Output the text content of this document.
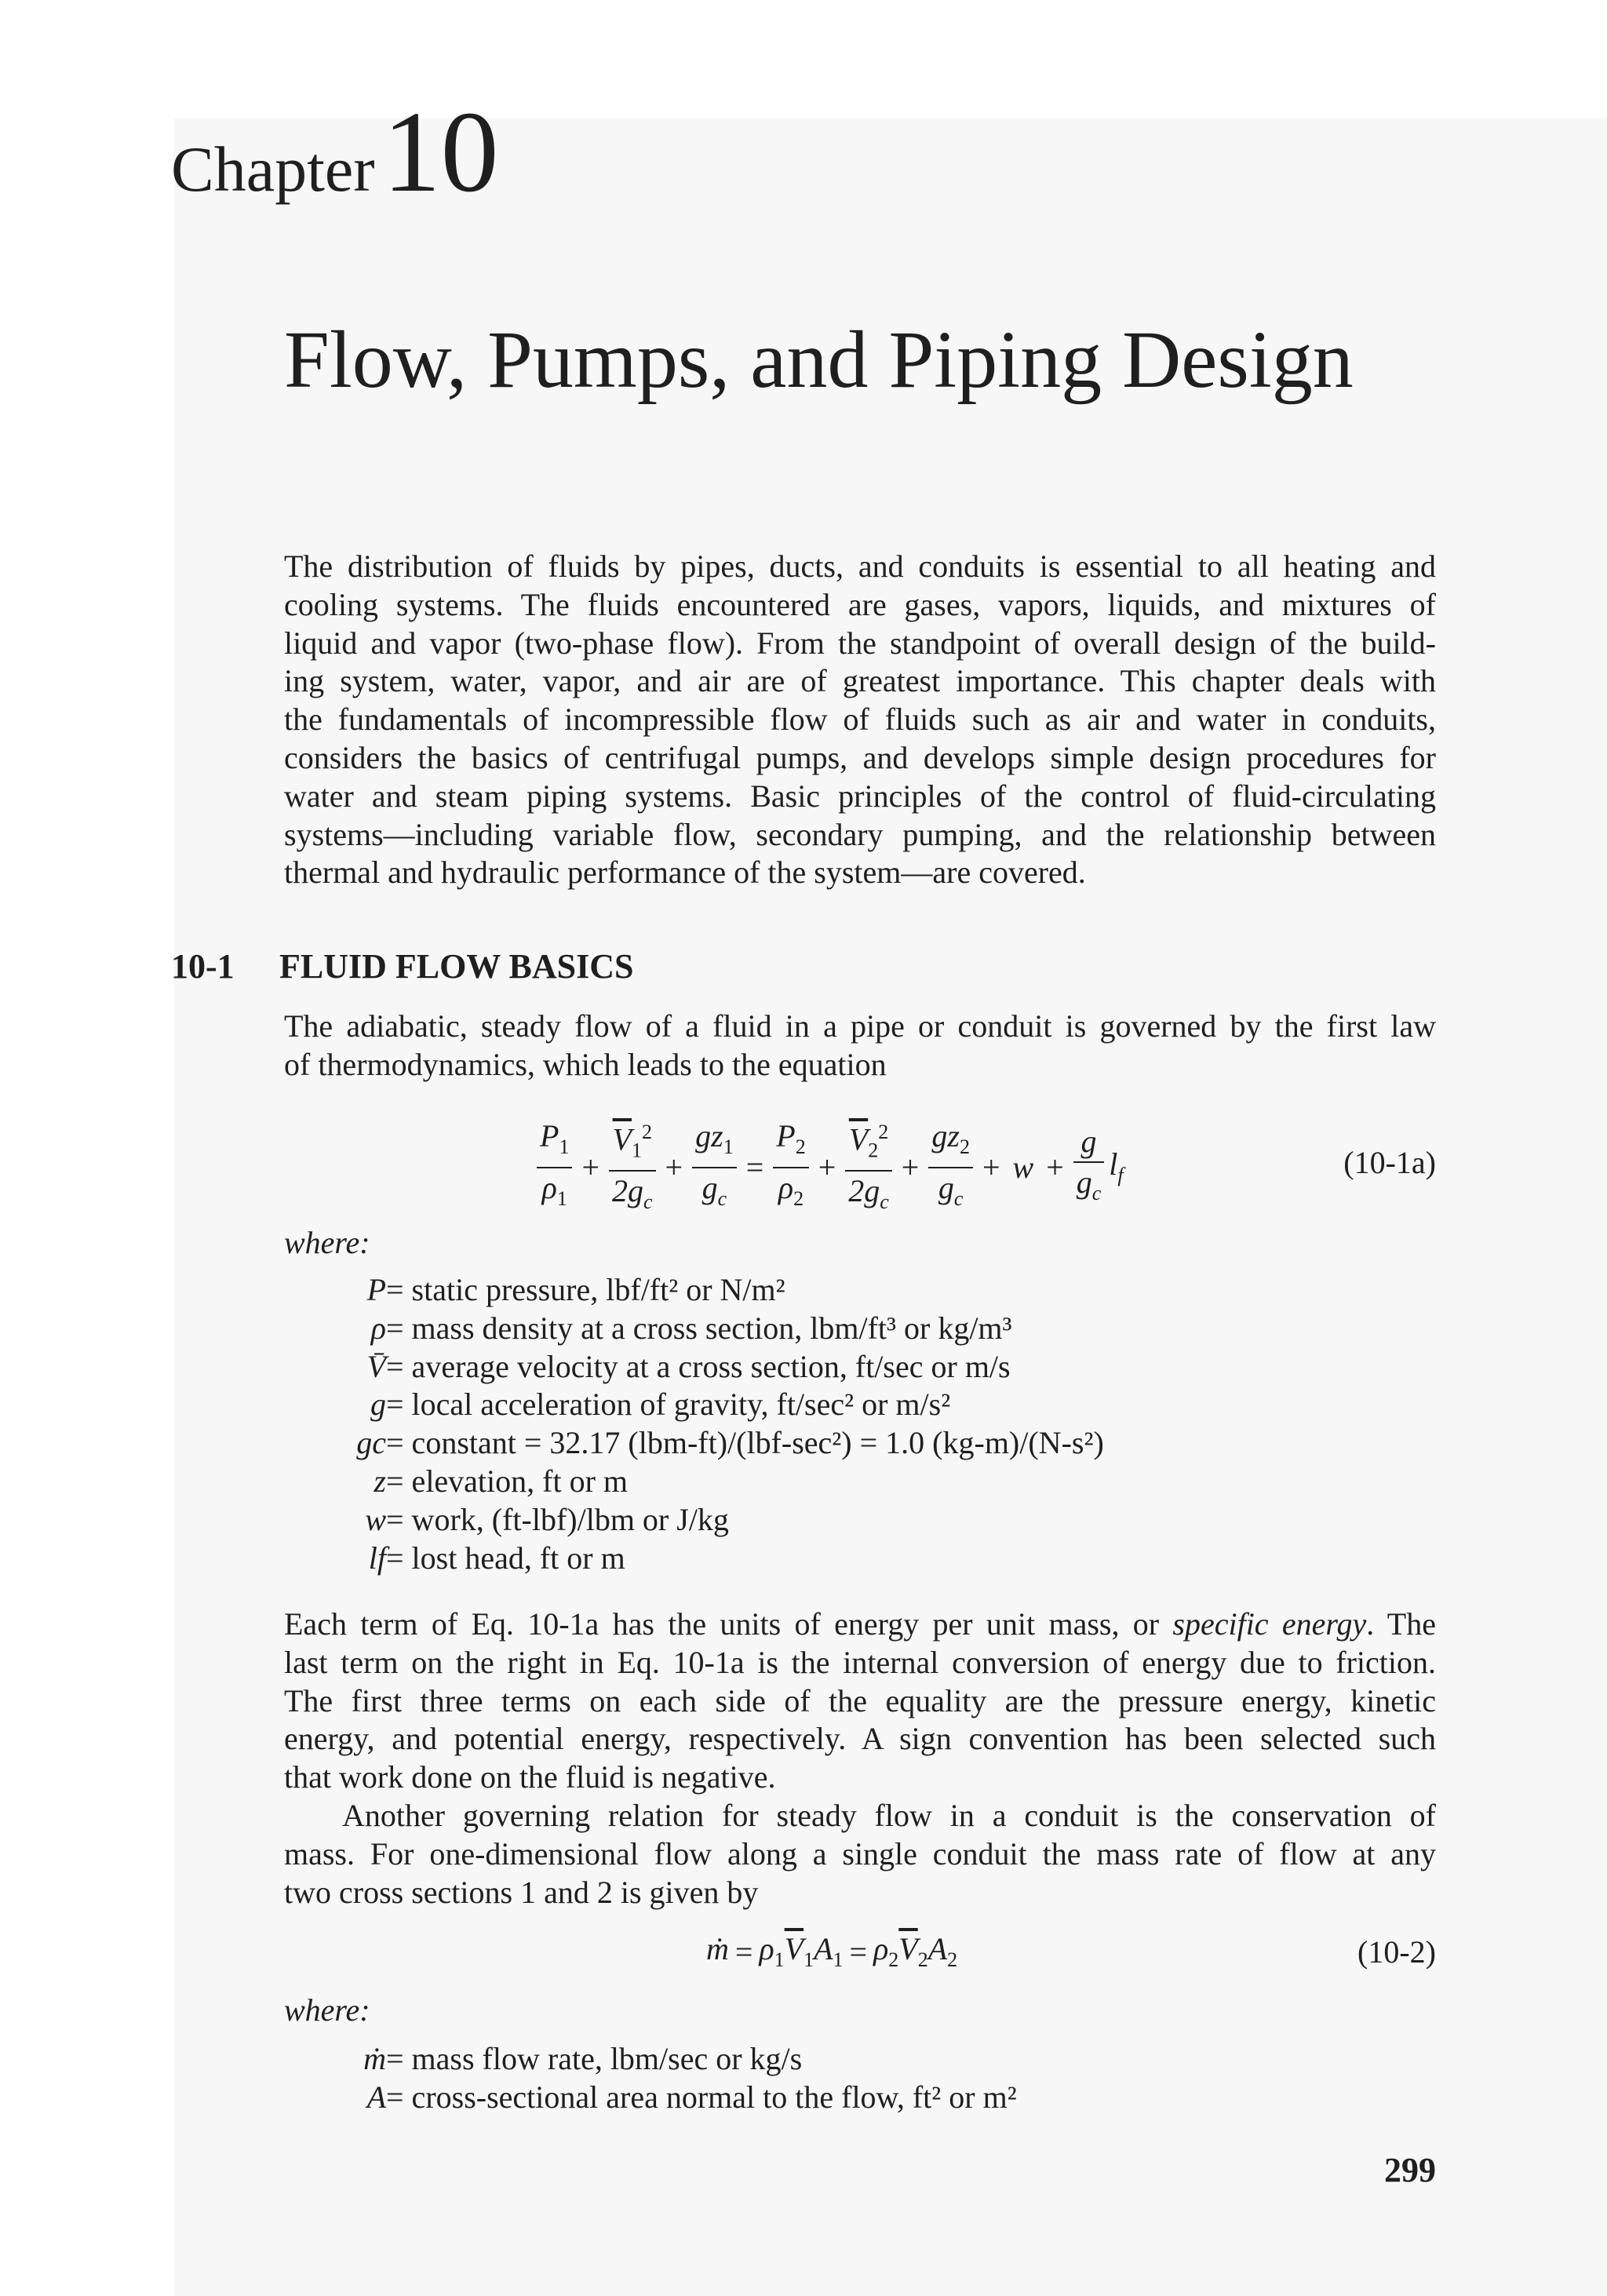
Chapter10
Flow, Pumps, and Piping Design
The distribution of fluids by pipes, ducts, and conduits is essential to all heating and
cooling systems. The fluids encountered are gases, vapors, liquids, and mixtures of
liquid and vapor (two-phase flow). From the standpoint of overall design of the build-
ing system, water, vapor, and air are of greatest importance. This chapter deals with
the fundamentals of incompressible flow of fluids such as air and water in conduits,
considers the basics of centrifugal pumps, and develops simple design procedures for
water and steam piping systems. Basic principles of the control of fluid-circulating
systems—including variable flow, secondary pumping, and the relationship between
thermal and hydraulic performance of the system—are covered.
10-1 FLUID FLOW BASICS
The adiabatic, steady flow of a fluid in a pipe or conduit is governed by the first law
of thermodynamics, which leads to the equation
$\frac{P_1}{\rho_1} + \frac{\overline{V}_1^2}{2g_c} + \frac{gz_1}{g_c} = \frac{P_2}{\rho_2} + \frac{\overline{V}_2^2}{2g_c} + \frac{gz_2}{g_c} + w + \frac{g}{g_c} l_f$	(10-1a)
where:
P= static pressure, lbf/ft² or N/m²
ρ= mass density at a cross section, lbm/ft³ or kg/m³
V̄= average velocity at a cross section, ft/sec or m/s
g= local acceleration of gravity, ft/sec² or m/s²
gc= constant = 32.17 (lbm-ft)/(lbf-sec²) = 1.0 (kg-m)/(N-s²)
z= elevation, ft or m
w= work, (ft-lbf)/lbm or J/kg
lf= lost head, ft or m
Each term of Eq. 10-1a has the units of energy per unit mass, or specific energy. The
last term on the right in Eq. 10-1a is the internal conversion of energy due to friction.
The first three terms on each side of the equality are the pressure energy, kinetic
energy, and potential energy, respectively. A sign convention has been selected such
that work done on the fluid is negative.
Another governing relation for steady flow in a conduit is the conservation of
mass. For one-dimensional flow along a single conduit the mass rate of flow at any
two cross sections 1 and 2 is given by
ṁ = $\rho_1\overline{V}_1A_1 = \rho_2\overline{V}_2A_2$	(10-2)
where:
ṁ= mass flow rate, lbm/sec or kg/s
A= cross-sectional area normal to the flow, ft² or m²
299
